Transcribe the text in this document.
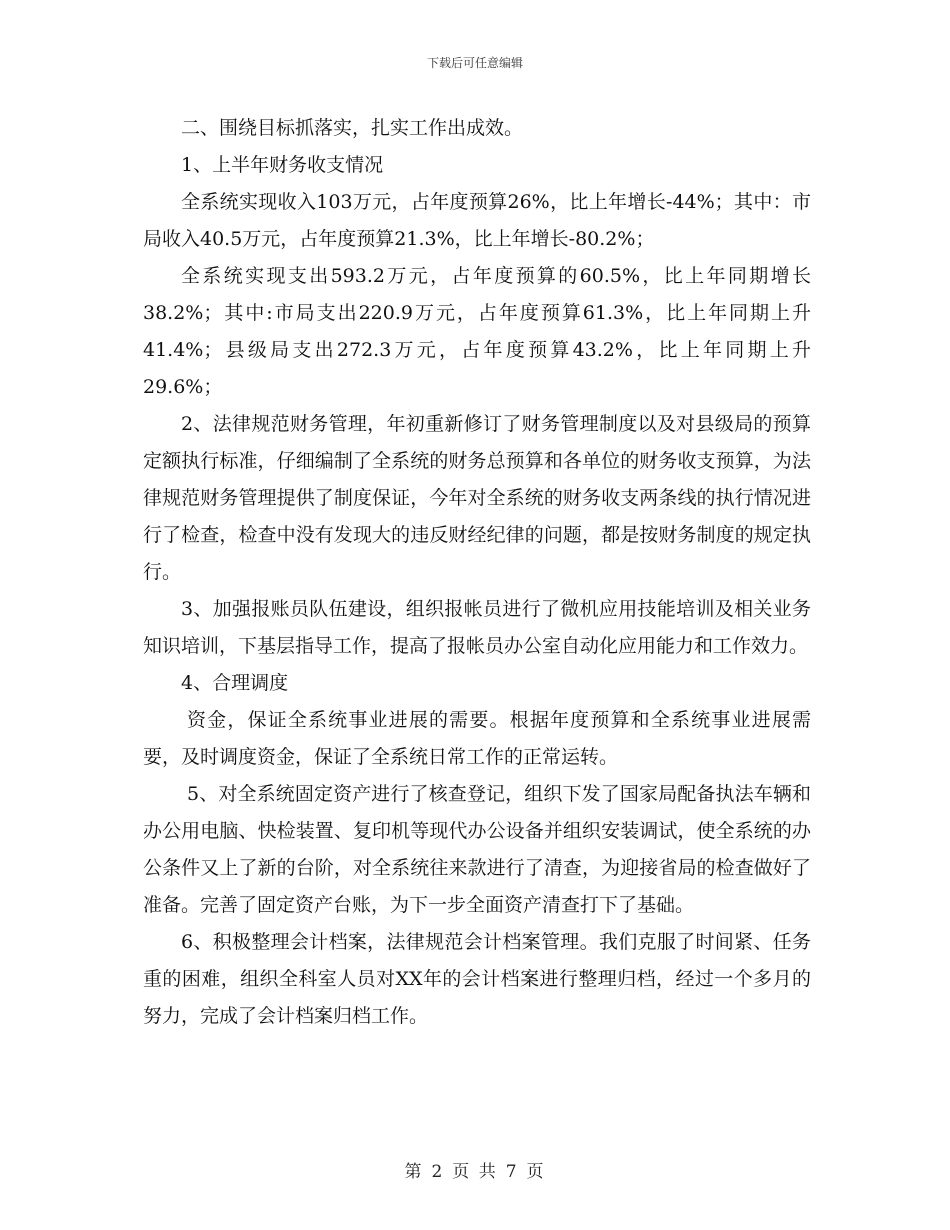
下载后可任意编辑

二、围绕目标抓落实，扎实工作出成效。

1、上半年财务收支情况

全系统实现收入103万元，占年度预算26%，比上年增长-44%；其中：市局收入40.5万元，占年度预算21.3%，比上年增长-80.2%；

全系统实现支出593.2万元，占年度预算的60.5%，比上年同期增长38.2%；其中:市局支出220.9万元，占年度预算61.3%，比上年同期上升41.4%；县级局支出272.3万元，占年度预算43.2%，比上年同期上升29.6%；

2、法律规范财务管理，年初重新修订了财务管理制度以及对县级局的预算定额执行标准，仔细编制了全系统的财务总预算和各单位的财务收支预算，为法律规范财务管理提供了制度保证，今年对全系统的财务收支两条线的执行情况进行了检查，检查中没有发现大的违反财经纪律的问题，都是按财务制度的规定执行。

3、加强报账员队伍建设，组织报帐员进行了微机应用技能培训及相关业务知识培训，下基层指导工作，提高了报帐员办公室自动化应用能力和工作效力。

4、合理调度

资金，保证全系统事业进展的需要。根据年度预算和全系统事业进展需要，及时调度资金，保证了全系统日常工作的正常运转。

5、对全系统固定资产进行了核查登记，组织下发了国家局配备执法车辆和办公用电脑、快检装置、复印机等现代办公设备并组织安装调试，使全系统的办公条件又上了新的台阶，对全系统往来款进行了清查，为迎接省局的检查做好了准备。完善了固定资产台账，为下一步全面资产清查打下了基础。

6、积极整理会计档案，法律规范会计档案管理。我们克服了时间紧、任务重的困难，组织全科室人员对XX年的会计档案进行整理归档，经过一个多月的努力，完成了会计档案归档工作。

第 2 页 共 7 页
